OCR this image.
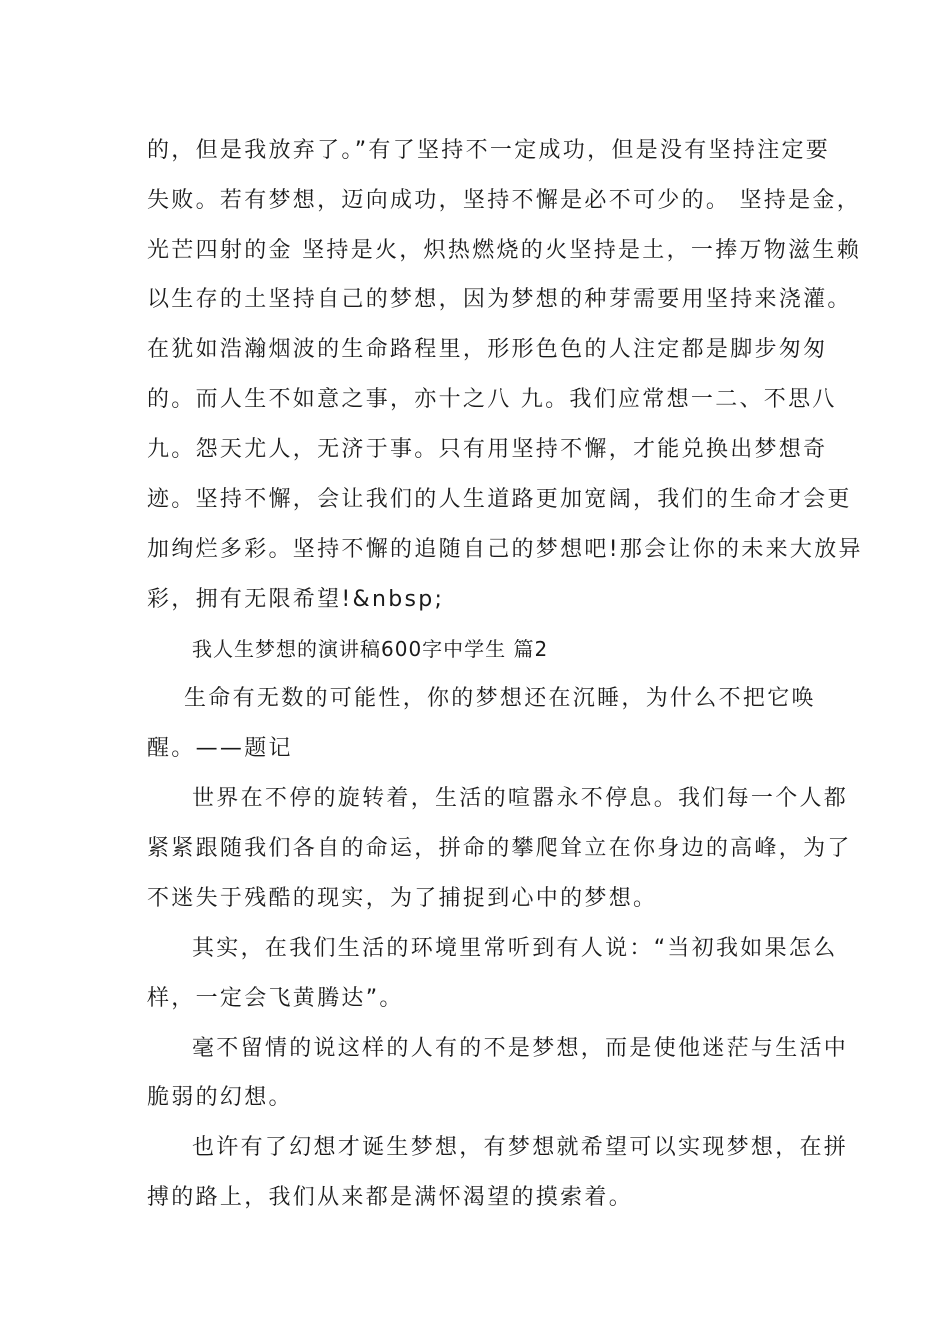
的，但是我放弃了。”有了坚持不一定成功，但是没有坚持注定要
失败。若有梦想，迈向成功，坚持不懈是必不可少的。 坚持是金，
光芒四射的金 坚持是火，炽热燃烧的火坚持是土，一捧万物滋生赖
以生存的土坚持自己的梦想，因为梦想的种芽需要用坚持来浇灌。
在犹如浩瀚烟波的生命路程里，形形色色的人注定都是脚步匆匆
的。而人生不如意之事，亦十之八 九。我们应常想一二、不思八
九。怨天尤人，无济于事。只有用坚持不懈，才能兑换出梦想奇
迹。坚持不懈，会让我们的人生道路更加宽阔，我们的生命才会更
加绚烂多彩。坚持不懈的追随自己的梦想吧!那会让你的未来大放异
彩，拥有无限希望!&nbsp;
我人生梦想的演讲稿600字中学生 篇2
生命有无数的可能性，你的梦想还在沉睡，为什么不把它唤
醒。——题记
世界在不停的旋转着，生活的喧嚣永不停息。我们每一个人都
紧紧跟随我们各自的命运，拼命的攀爬耸立在你身边的高峰，为了
不迷失于残酷的现实，为了捕捉到心中的梦想。
其实，在我们生活的环境里常听到有人说：“当初我如果怎么
样，一定会飞黄腾达”。
毫不留情的说这样的人有的不是梦想，而是使他迷茫与生活中
脆弱的幻想。
也许有了幻想才诞生梦想，有梦想就希望可以实现梦想，在拼
搏的路上，我们从来都是满怀渴望的摸索着。
